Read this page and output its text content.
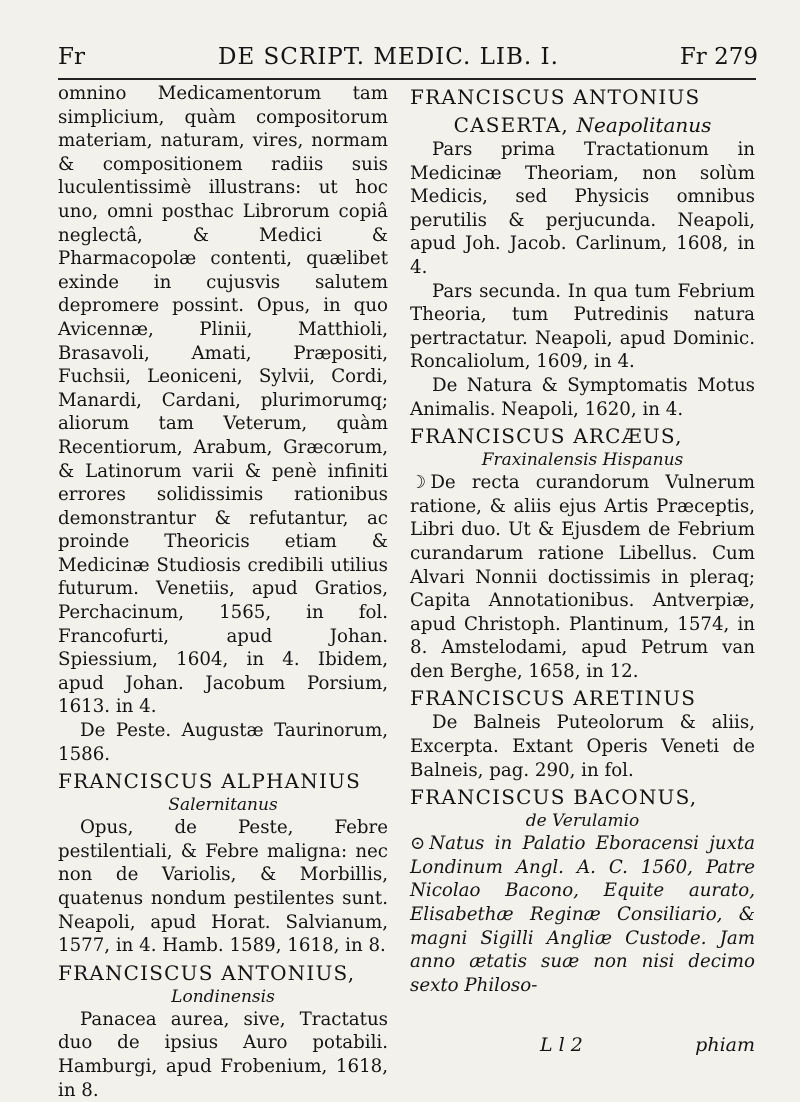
Fr	DE SCRIPT. MEDIC. LIB. I.	Fr 279

omnino Medicamentorum tam simplicium, quàm compositorum materiam, naturam, vires, normam & compositionem radiis suis luculentissimè illustrans: ut hoc uno, omni posthac Librorum copiâ neglectâ, & Medici & Pharmacopolæ contenti, quælibet exinde in cujusvis salutem depromere possint. Opus, in quo Avicennæ, Plinii, Matthioli, Brasavoli, Amati, Præpositi, Fuchsii, Leoniceni, Sylvii, Cordi, Manardi, Cardani, plurimorumq; aliorum tam Veterum, quàm Recentiorum, Arabum, Græcorum, & Latinorum varii & penè infiniti errores solidissimis rationibus demonstrantur & refutantur, ac proinde Theoricis etiam & Medicinæ Studiosis credibili utilius futurum. Venetiis, apud Gratios, Perchacinum, 1565, in fol. Francofurti, apud Johan. Spiessium, 1604, in 4. Ibidem, apud Johan. Jacobum Porsium, 1613. in 4.

De Peste. Augustæ Taurinorum, 1586.

FRANCISCUS ALPHANIUS

Salernitanus

Opus, de Peste, Febre pestilentiali, & Febre maligna: nec non de Variolis, & Morbillis, quatenus nondum pestilentes sunt. Neapoli, apud Horat. Salvianum, 1577, in 4. Hamb. 1589, 1618, in 8.

FRANCISCUS ANTONIUS,

Londinensis

Panacea aurea, sive, Tractatus duo de ipsius Auro potabili. Hamburgi, apud Frobenium, 1618, in 8.

FRANCISCUS ANTONIUS

CASERTA, Neapolitanus

Pars prima Tractationum in Medicinæ Theoriam, non solùm Medicis, sed Physicis omnibus perutilis & perjucunda. Neapoli, apud Joh. Jacob. Carlinum, 1608, in 4.

Pars secunda. In qua tum Febrium Theoria, tum Putredinis natura pertractatur. Neapoli, apud Dominic. Roncaliolum, 1609, in 4.

De Natura & Symptomatis Motus Animalis. Neapoli, 1620, in 4.

FRANCISCUS ARCÆUS,

Fraxinalensis Hispanus

☽ De recta curandorum Vulnerum ratione, & aliis ejus Artis Præceptis, Libri duo. Ut & Ejusdem de Febrium curandarum ratione Libellus. Cum Alvari Nonnii doctissimis in pleraq; Capita Annotationibus. Antverpiæ, apud Christoph. Plantinum, 1574, in 8. Amstelodami, apud Petrum van den Berghe, 1658, in 12.

FRANCISCUS ARETINUS

De Balneis Puteolorum & aliis, Excerpta. Extant Operis Veneti de Balneis, pag. 290, in fol.

FRANCISCUS BACONUS,

de Verulamio

⊙ Natus in Palatio Eboracensi juxta Londinum Angl. A. C. 1560, Patre Nicolao Bacono, Equite aurato, Elisabethæ Reginæ Consiliario, & magni Sigilli Angliæ Custode. Jam anno ætatis suæ non nisi decimo sexto Philoso-

L l 2	phiam
